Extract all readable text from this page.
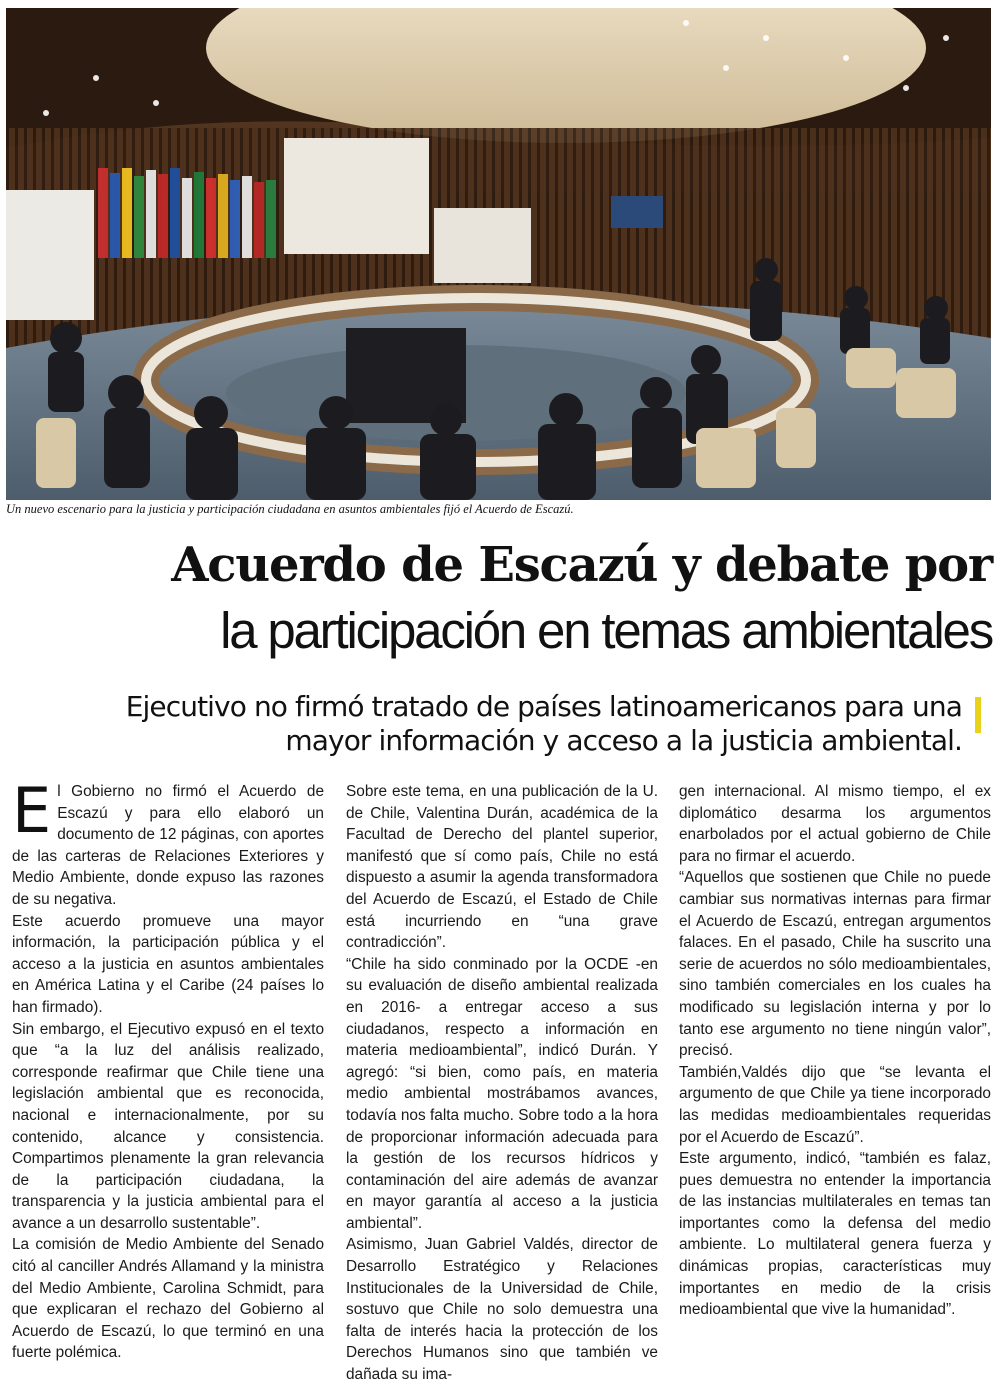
Un nuevo escenario para la justicia y participación ciudadana en asuntos ambientales fijó el Acuerdo de Escazú.
Acuerdo de Escazú y debate por
la participación en temas ambientales
Ejecutivo no firmó tratado de países latinoamericanos para una mayor información y acceso a la justicia ambiental.

El Gobierno no firmó el Acuerdo de Escazú y para ello elaboró un documento de 12 páginas, con aportes de las carteras de Relaciones Exteriores y Medio Ambiente, donde expuso las razones de su negativa.

Este acuerdo promueve una mayor información, la participación pública y el acceso a la justicia en asuntos ambientales en América Latina y el Caribe (24 países lo han firmado).

Sin embargo, el Ejecutivo expusó en el texto que “a la luz del análisis realizado, corresponde reafirmar que Chile tiene una legislación ambiental que es reconocida, nacional e internacionalmente, por su contenido, alcance y consistencia. Compartimos plenamente la gran relevancia de la participación ciudadana, la transparencia y la justicia ambiental para el avance a un desarrollo sustentable”.

La comisión de Medio Ambiente del Senado citó al canciller Andrés Allamand y la ministra del Medio Ambiente, Carolina Schmidt, para que explicaran el rechazo del Gobierno al Acuerdo de Escazú, lo que terminó en una fuerte polémica.

Sobre este tema, en una publicación de la U. de Chile, Valentina Durán, académica de la Facultad de Derecho del plantel superior, manifestó que sí como país, Chile no está dispuesto a asumir la agenda transformadora del Acuerdo de Escazú, el Estado de Chile está incurriendo en “una grave contradicción”.

“Chile ha sido conminado por la OCDE -en su evaluación de diseño ambiental realizada en 2016- a entregar acceso a sus ciudadanos, respecto a información en materia medioambiental”, indicó Durán. Y agregó: “si bien, como país, en materia medio ambiental mostrábamos avances, todavía nos falta mucho. Sobre todo a la hora de proporcionar información adecuada para la gestión de los recursos hídricos y contaminación del aire además de avanzar en mayor garantía al acceso a la justicia ambiental”.

Asimismo, Juan Gabriel Valdés, director de Desarrollo Estratégico y Relaciones Institucionales de la Universidad de Chile, sostuvo que Chile no solo demuestra una falta de interés hacia la protección de los Derechos Humanos sino que también ve dañada su ima-

gen internacional. Al mismo tiempo, el ex diplomático desarma los argumentos enarbolados por el actual gobierno de Chile para no firmar el acuerdo.

“Aquellos que sostienen que Chile no puede cambiar sus normativas internas para firmar el Acuerdo de Escazú, entregan argumentos falaces. En el pasado, Chile ha suscrito una serie de acuerdos no sólo medioambientales, sino también comerciales en los cuales ha modificado su legislación interna y por lo tanto ese argumento no tiene ningún valor”, precisó.

También,Valdés dijo que “se levanta el argumento de que Chile ya tiene incorporado las medidas medioambientales requeridas por el Acuerdo de Escazú”.

Este argumento, indicó, “también es falaz, pues demuestra no entender la importancia de las instancias multilaterales en temas tan importantes como la defensa del medio ambiente. Lo multilateral genera fuerza y dinámicas propias, características muy importantes en medio de la crisis medioambiental que vive la humanidad”.
